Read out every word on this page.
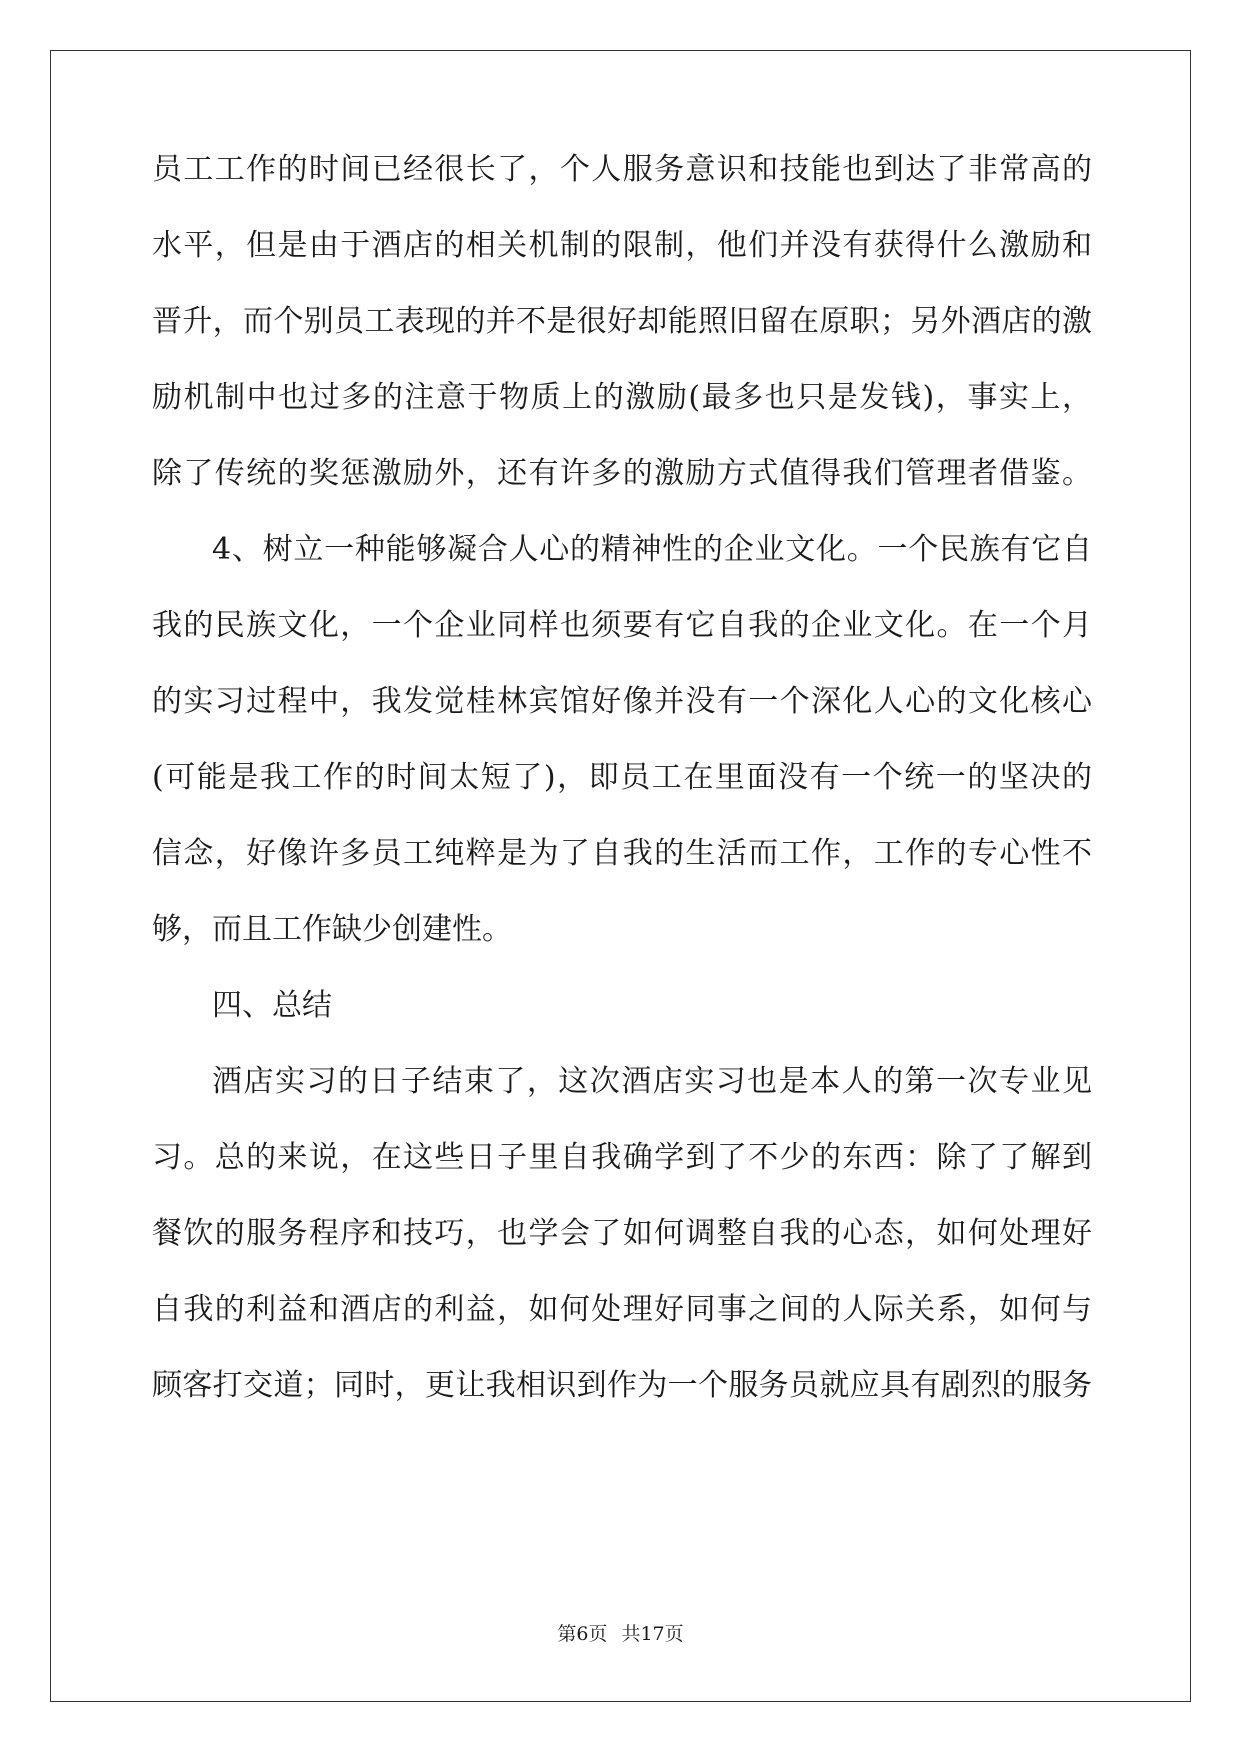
员工工作的时间已经很长了，个人服务意识和技能也到达了非常高的
水平，但是由于酒店的相关机制的限制，他们并没有获得什么激励和
晋升，而个别员工表现的并不是很好却能照旧留在原职；另外酒店的激
励机制中也过多的注意于物质上的激励(最多也只是发钱)，事实上，
除了传统的奖惩激励外，还有许多的激励方式值得我们管理者借鉴。
4、树立一种能够凝合人心的精神性的企业文化。一个民族有它自
我的民族文化，一个企业同样也须要有它自我的企业文化。在一个月
的实习过程中，我发觉桂林宾馆好像并没有一个深化人心的文化核心
(可能是我工作的时间太短了)，即员工在里面没有一个统一的坚决的
信念，好像许多员工纯粹是为了自我的生活而工作，工作的专心性不
够，而且工作缺少创建性。
四、总结
酒店实习的日子结束了，这次酒店实习也是本人的第一次专业见
习。总的来说，在这些日子里自我确学到了不少的东西：除了了解到
餐饮的服务程序和技巧，也学会了如何调整自我的心态，如何处理好
自我的利益和酒店的利益，如何处理好同事之间的人际关系，如何与
顾客打交道；同时，更让我相识到作为一个服务员就应具有剧烈的服务
第6页 共17页
